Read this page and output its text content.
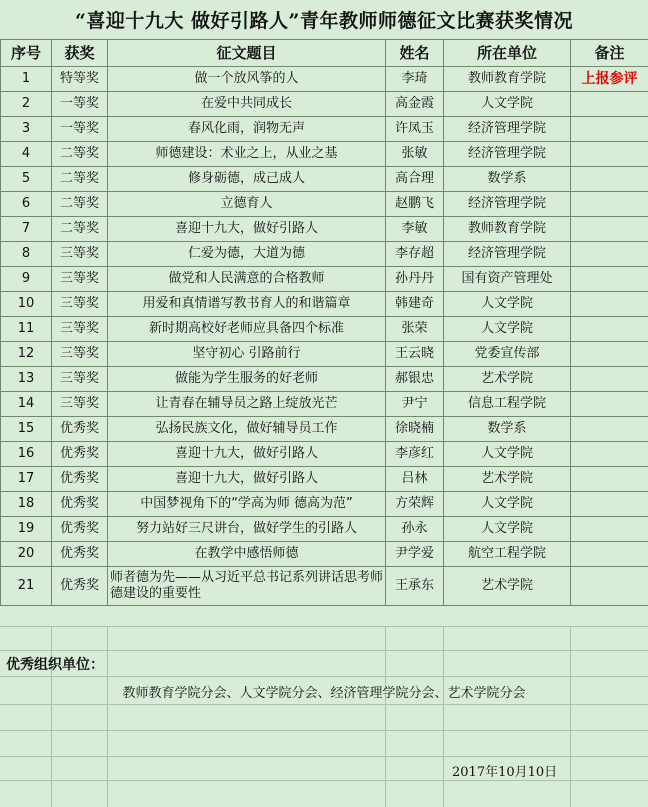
“喜迎十九大 做好引路人”青年教师师德征文比赛获奖情况
序号	获奖	征文题目	姓名	所在单位	备注
1	特等奖	做一个放风筝的人	李琦	教师教育学院	上报参评
2	一等奖	在爱中共同成长	高金霞	人文学院	
3	一等奖	春风化雨，润物无声	许凤玉	经济管理学院	
4	二等奖	师德建设：术业之上，从业之基	张敏	经济管理学院	
5	二等奖	修身砺德，成己成人	高合理	数学系	
6	二等奖	立德育人	赵鹏飞	经济管理学院	
7	二等奖	喜迎十九大，做好引路人	李敏	教师教育学院	
8	三等奖	仁爱为德，大道为德	李存超	经济管理学院	
9	三等奖	做党和人民满意的合格教师	孙丹丹	国有资产管理处	
10	三等奖	用爱和真情谱写教书育人的和谐篇章	韩建奇	人文学院	
11	三等奖	新时期高校好老师应具备四个标准	张荣	人文学院	
12	三等奖	坚守初心 引路前行	王云晓	党委宣传部	
13	三等奖	做能为学生服务的好老师	郝银忠	艺术学院	
14	三等奖	让青春在辅导员之路上绽放光芒	尹宁	信息工程学院	
15	优秀奖	弘扬民族文化，做好辅导员工作	徐晓楠	数学系	
16	优秀奖	喜迎十九大，做好引路人	李彦红	人文学院	
17	优秀奖	喜迎十九大，做好引路人	吕林	艺术学院	
18	优秀奖	中国梦视角下的“学高为师 德高为范”	方荣辉	人文学院	
19	优秀奖	努力站好三尺讲台，做好学生的引路人	孙永	人文学院	
20	优秀奖	在教学中感悟师德	尹学爱	航空工程学院	
21	优秀奖	师者德为先——从习近平总书记系列讲话思考师德建设的重要性	王承东	艺术学院	
优秀组织单位：
教师教育学院分会、人文学院分会、经济管理学院分会、艺术学院分会
2017年10月10日
